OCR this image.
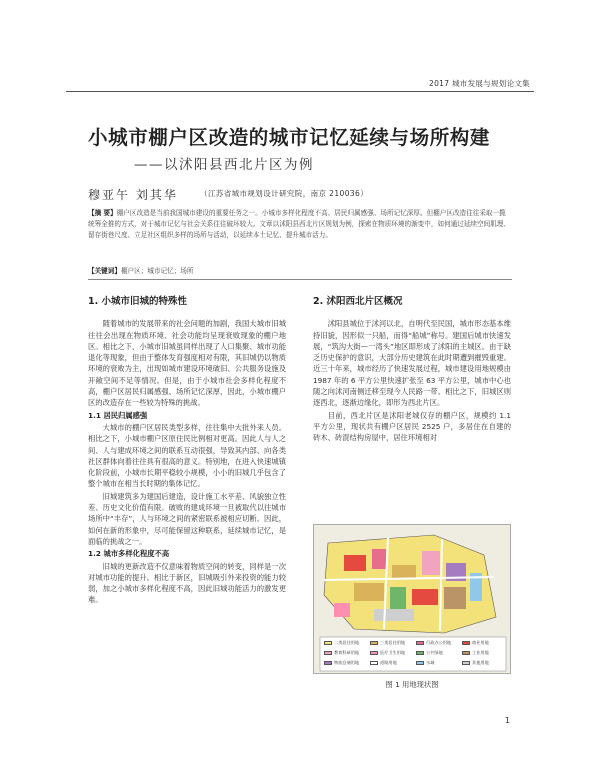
2017 城市发展与规划论文集
小城市棚户区改造的城市记忆延续与场所构建
——以沭阳县西北片区为例
穆亚午 刘其华	（江苏省城市规划设计研究院，南京 210036）
【摘 要】棚户区改造是当前我国城市建设的重要任务之一。小城市多样化程度不高、居民归属感强、场所记忆深厚。但棚户区改造往往采取一揽统筹全推的方式，对于城市记忆与社会关系往往破坏较大。文章以沭阳县西北片区规划为例，探索在物质环境的渐变中，如何通过延续空间肌理、留存街巷尺度、立足社区组织多样的场所与活动，以延续本土记忆、提升城市活力。
【关键词】棚户区；城市记忆；场所
1. 小城市旧城的特殊性

随着城市的发展带来的社会问题的加剧，我国大城市旧城往往会出现在物质环境、社会功能均呈现衰败现象的棚户地区。相比之下，小城市旧城虽同样出现了人口集聚、城市功能退化等现象，但由于整体发育强度相对有限，其旧城仍以物质环境的衰败为主，出现如城市建设环境破旧、公共服务设施及开敞空间不足等情况。但是，由于小城市社会多样化程度不高，棚户区居民归属感强、场所记忆深厚，因此，小城市棚户区的改造存在一些较为特殊的挑战。

1.1 居民归属感强

大城市的棚户区居民类型多样，往往集中大批外来人员。相比之下，小城市棚户区原住民比例相对更高。因此人与人之间、人与建成环境之间的联系互动很强，导致其内部、向各类社区群体向着往往具有很高的意义。特别地，在进入快速城镇化阶段前，小城市长期平稳较小规模，小小的旧城几乎包含了整个城市在相当长时期的集体记忆。

旧城建筑多为建国后建造，设计施工水平差、风貌独立性差、历史文化价值有限。破败的建成环境一旦被取代以往城市场所中“丰存”，人与环境之间的紧密联系被相应切断。因此，如何在新的形象中，尽可能保留这种联系，延续城市记忆，是面临的挑战之一。

1.2 城市多样化程度不高

旧城的更新改造不仅意味着物质空间的转变，同样是一次对城市功能的提升。相比于新区，旧城吸引外来投资的能力较弱，加之小城市多样化程度不高，因此旧城功能活力的激发更难。

2. 沭阳西北片区概况

沭阳县城位于沭河以北，自明代至民国，城市形态基本维持旧貌，因形似一只船，而得“船城”称号。建国后城市快速发展，“筑沟大街—一湾头”地区即形成了沭阳的主城区。由于缺乏历史保护的意识，大部分历史建筑在此时期遭到摧毁重建。近三十年来，城市经历了快速发展过程，城市建设用地规模由 1987 年的 6 平方公里快速扩张至 63 平方公里，城市中心也随之向沭河南侧迁移至现今人民路一带。相比之下，旧城区则逐西北，逐渐边缘化，即形为西北片区。

目前，西北片区是沭阳老城仅存的棚户区，规模约 1.1 平方公里，现状共有棚户区居民 2525 户，多居住在自建的砖木、砖混结构房屋中，居住环境相对

二类居住用地	三类居住用地	行政办公用地	商业用地
教育科研用地	医疗卫生用地	公共绿地	工业用地
物流仓储用地	道路用地	水域	其他用地
图 1 用地现状图
1
